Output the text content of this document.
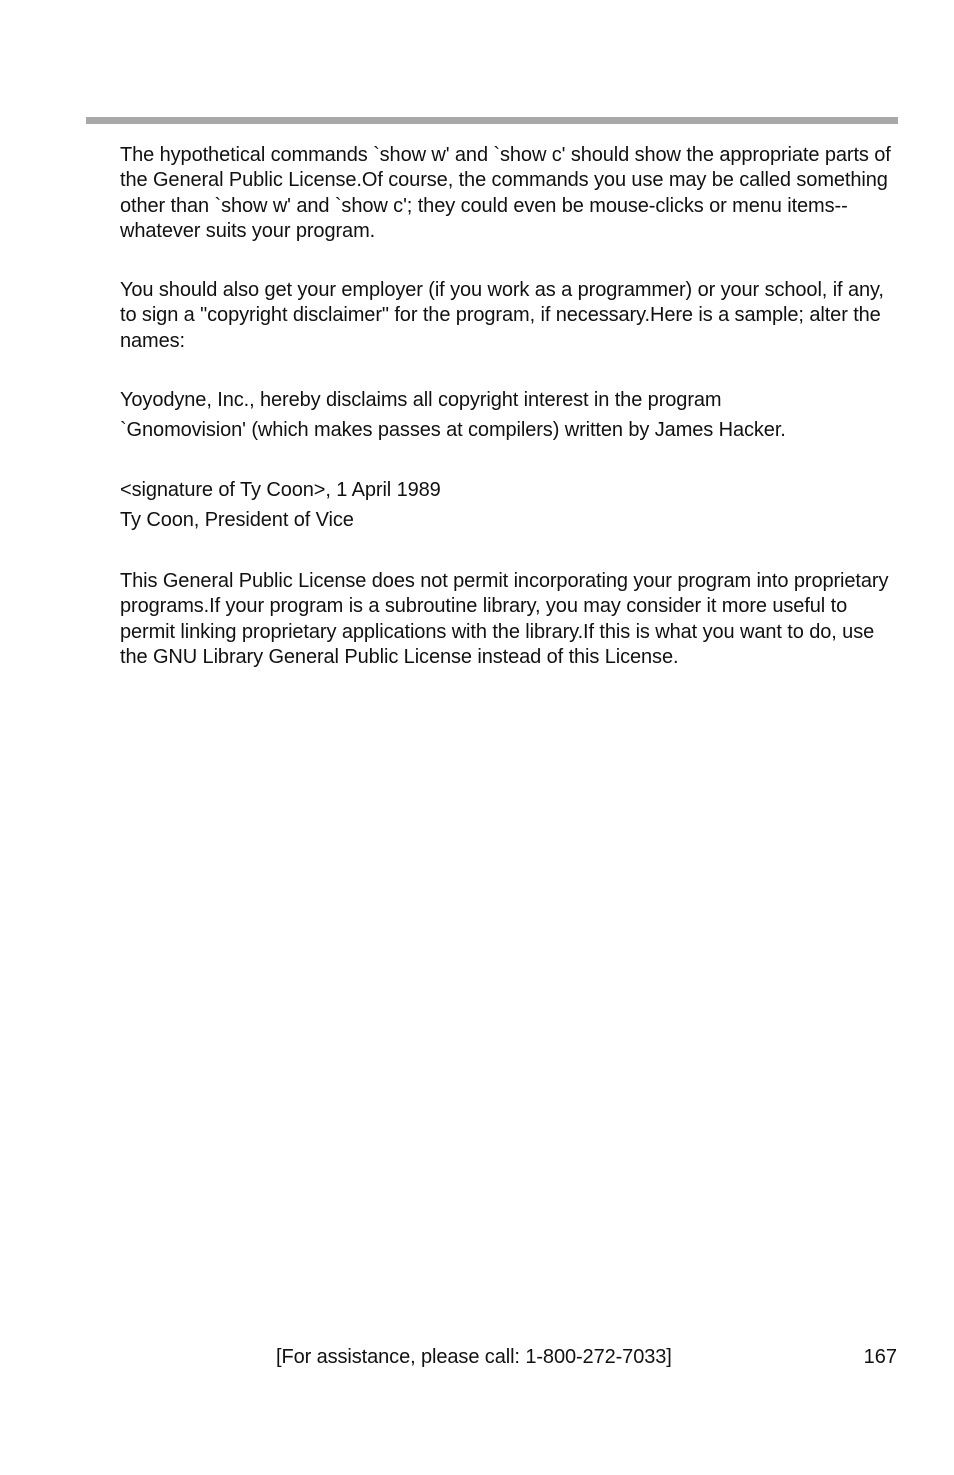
The hypothetical commands `show w' and `show c' should show the appropriate parts of the General Public License.Of course, the commands you use may be called something other than `show w' and `show c'; they could even be mouse-clicks or menu items--whatever suits your program.

You should also get your employer (if you work as a programmer) or your school, if any, to sign a "copyright disclaimer" for the program, if necessary.Here is a sample; alter the names:

Yoyodyne, Inc., hereby disclaims all copyright interest in the program
`Gnomovision' (which makes passes at compilers) written by James Hacker.
<signature of Ty Coon>, 1 April 1989
Ty Coon, President of Vice

This General Public License does not permit incorporating your program into proprietary programs.If your program is a subroutine library, you may consider it more useful to permit linking proprietary applications with the library.If this is what you want to do, use the GNU Library General Public License instead of this License.

[For assistance, please call: 1-800-272-7033]	167
